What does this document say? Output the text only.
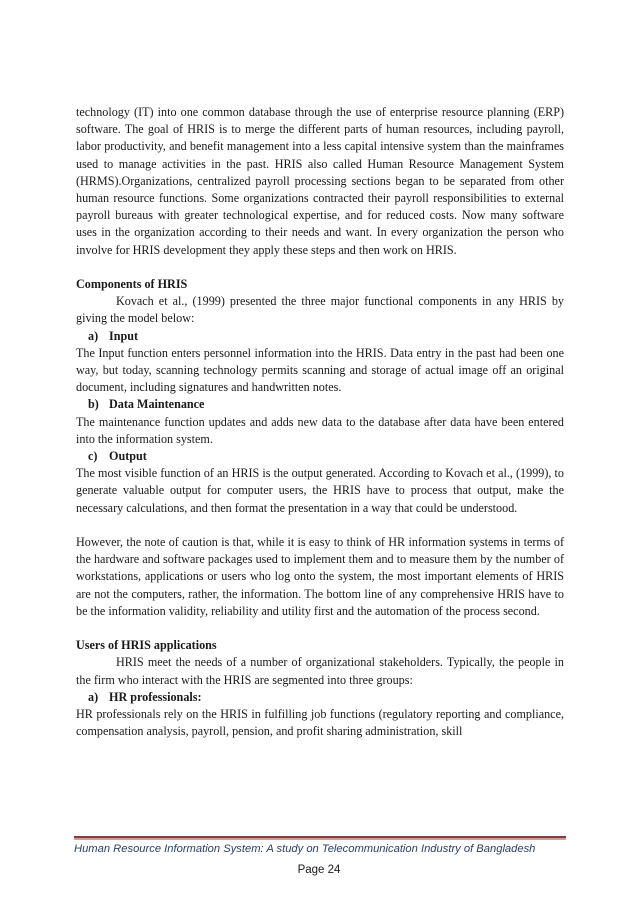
technology (IT) into one common database through the use of enterprise resource planning (ERP) software. The goal of HRIS is to merge the different parts of human resources, including payroll, labor productivity, and benefit management into a less capital intensive system than the mainframes used to manage activities in the past. HRIS also called Human Resource Management System (HRMS).Organizations, centralized payroll processing sections began to be separated from other human resource functions. Some organizations contracted their payroll responsibilities to external payroll bureaus with greater technological expertise, and for reduced costs. Now many software uses in the organization according to their needs and want. In every organization the person who involve for HRIS development they apply these steps and then work on HRIS.

Components of HRIS

Kovach et al., (1999) presented the three major functional components in any HRIS by giving the model below:

a) Input

The Input function enters personnel information into the HRIS. Data entry in the past had been one way, but today, scanning technology permits scanning and storage of actual image off an original document, including signatures and handwritten notes.

b) Data Maintenance

The maintenance function updates and adds new data to the database after data have been entered into the information system.

c) Output

The most visible function of an HRIS is the output generated. According to Kovach et al., (1999), to generate valuable output for computer users, the HRIS have to process that output, make the necessary calculations, and then format the presentation in a way that could be understood.

However, the note of caution is that, while it is easy to think of HR information systems in terms of the hardware and software packages used to implement them and to measure them by the number of workstations, applications or users who log onto the system, the most important elements of HRIS are not the computers, rather, the information. The bottom line of any comprehensive HRIS have to be the information validity, reliability and utility first and the automation of the process second.

Users of HRIS applications

HRIS meet the needs of a number of organizational stakeholders. Typically, the people in the firm who interact with the HRIS are segmented into three groups:

a) HR professionals:

HR professionals rely on the HRIS in fulfilling job functions (regulatory reporting and compliance, compensation analysis, payroll, pension, and profit sharing administration, skill

Human Resource Information System: A study on Telecommunication Industry of Bangladesh
Page 24
